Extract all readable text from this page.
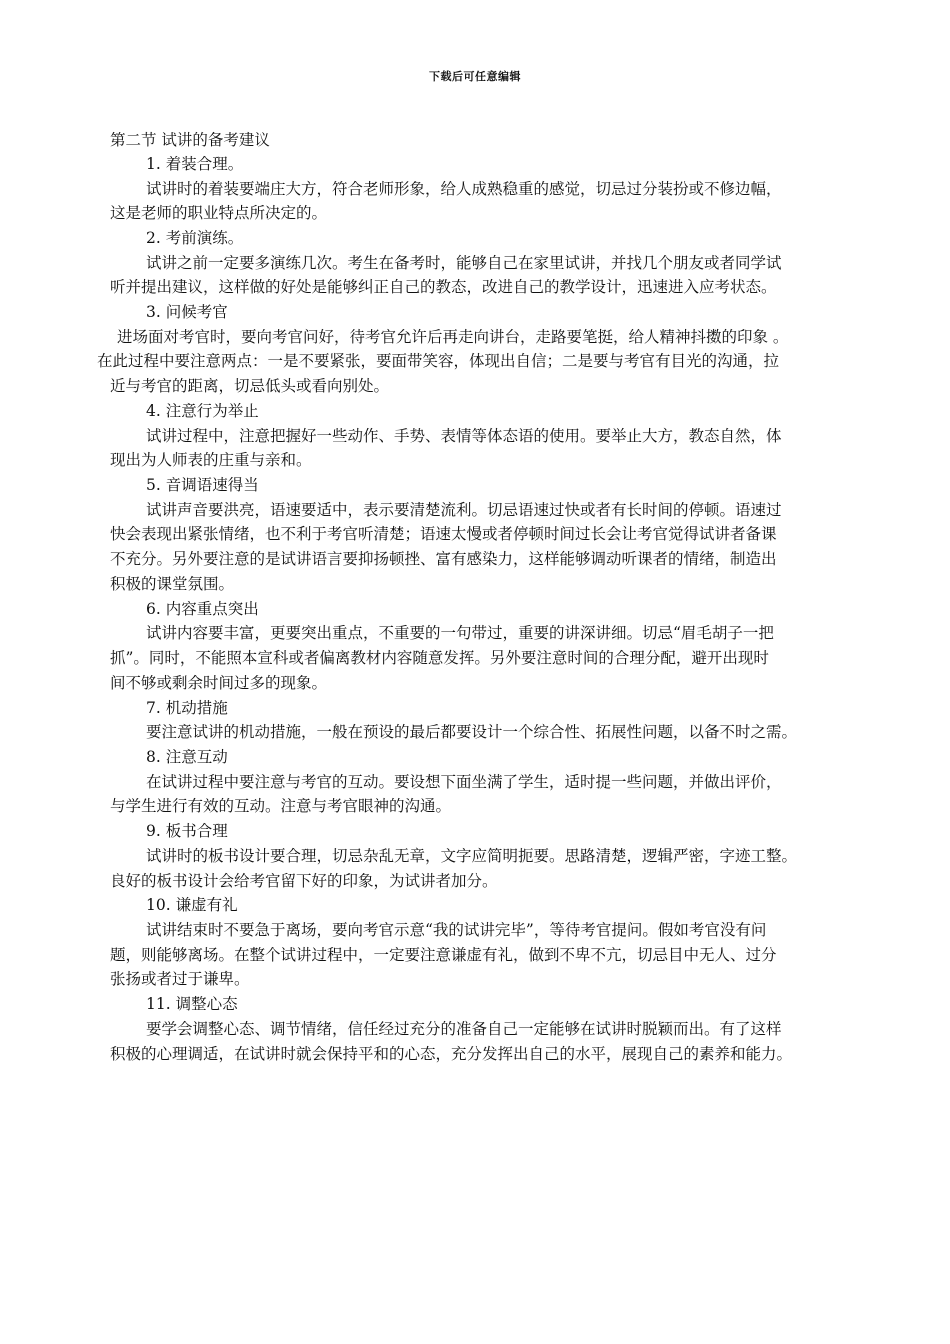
下载后可任意编辑
第二节 试讲的备考建议
1. 着装合理。
试讲时的着装要端庄大方，符合老师形象，给人成熟稳重的感觉，切忌过分装扮或不修边幅，
这是老师的职业特点所决定的。
2. 考前演练。
试讲之前一定要多演练几次。考生在备考时，能够自己在家里试讲，并找几个朋友或者同学试
听并提出建议，这样做的好处是能够纠正自己的教态，改进自己的教学设计，迅速进入应考状态。
3. 问候考官
进场面对考官时，要向考官问好，待考官允许后再走向讲台，走路要笔挺，给人精神抖擞的印象 。
在此过程中要注意两点：一是不要紧张，要面带笑容，体现出自信；二是要与考官有目光的沟通，拉
近与考官的距离，切忌低头或看向别处。
4. 注意行为举止
试讲过程中，注意把握好一些动作、手势、表情等体态语的使用。要举止大方，教态自然，体
现出为人师表的庄重与亲和。
5. 音调语速得当
试讲声音要洪亮，语速要适中，表示要清楚流利。切忌语速过快或者有长时间的停顿。语速过
快会表现出紧张情绪，也不利于考官听清楚；语速太慢或者停顿时间过长会让考官觉得试讲者备课
不充分。另外要注意的是试讲语言要抑扬顿挫、富有感染力，这样能够调动听课者的情绪，制造出
积极的课堂氛围。
6. 内容重点突出
试讲内容要丰富，更要突出重点，不重要的一句带过，重要的讲深讲细。切忌“眉毛胡子一把
抓”。同时，不能照本宣科或者偏离教材内容随意发挥。另外要注意时间的合理分配，避开出现时
间不够或剩余时间过多的现象。
7. 机动措施
要注意试讲的机动措施，一般在预设的最后都要设计一个综合性、拓展性问题，以备不时之需。
8. 注意互动
在试讲过程中要注意与考官的互动。要设想下面坐满了学生，适时提一些问题，并做出评价，
与学生进行有效的互动。注意与考官眼神的沟通。
9. 板书合理
试讲时的板书设计要合理，切忌杂乱无章，文字应简明扼要。思路清楚，逻辑严密，字迹工整。
良好的板书设计会给考官留下好的印象，为试讲者加分。
10. 谦虚有礼
试讲结束时不要急于离场，要向考官示意“我的试讲完毕”，等待考官提问。假如考官没有问
题，则能够离场。在整个试讲过程中，一定要注意谦虚有礼，做到不卑不亢，切忌目中无人、过分
张扬或者过于谦卑。
11. 调整心态
要学会调整心态、调节情绪，信任经过充分的准备自己一定能够在试讲时脱颖而出。有了这样
积极的心理调适，在试讲时就会保持平和的心态，充分发挥出自己的水平，展现自己的素养和能力。
